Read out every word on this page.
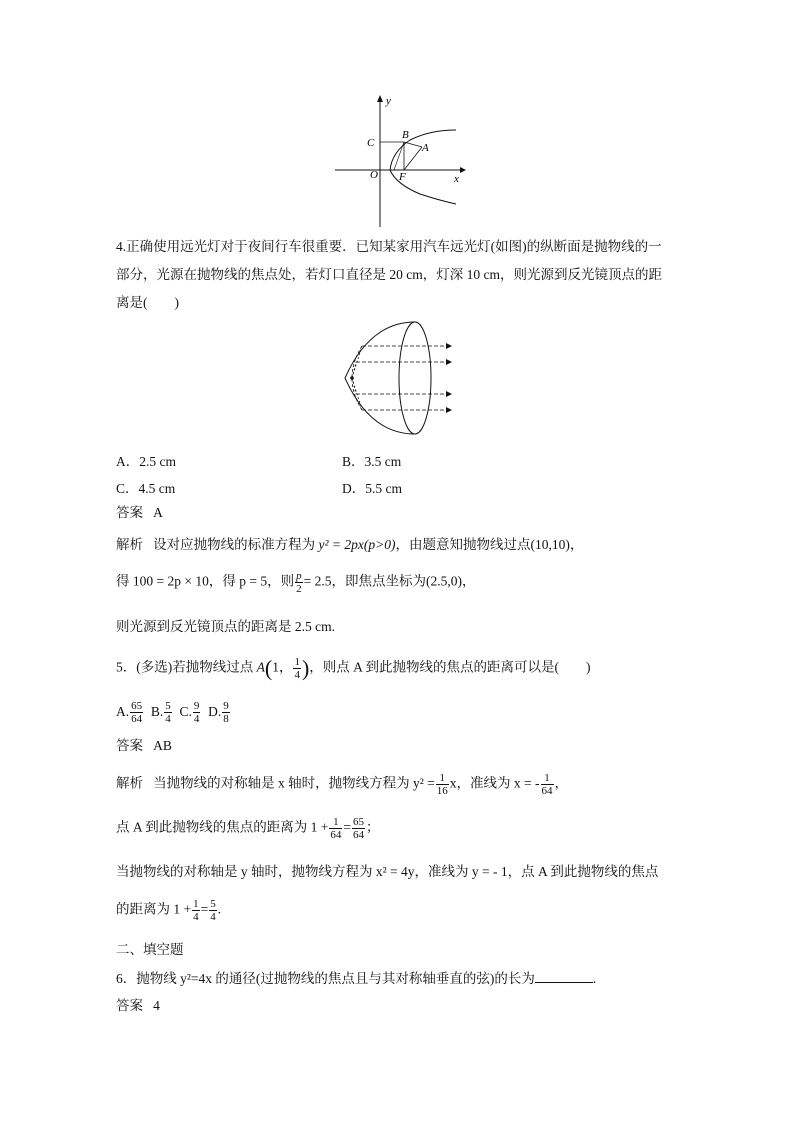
y
x
C
B
A
O F
4.正确使用远光灯对于夜间行车很重要．已知某家用汽车远光灯(如图)的纵断面是抛物线的一
部分，光源在抛物线的焦点处，若灯口直径是 20 cm，灯深 10 cm，则光源到反光镜顶点的距
离是(　　)
A．2.5 cm	B．3.5 cm
C．4.5 cm	D．5.5 cm
答案 A
解析 设对应抛物线的标准方程为 y² = 2px(p>0)，由题意知抛物线过点(10,10)，
得 100 = 2p × 10，得 p = 5，则 $\frac{p}{2} = 2.5$，即焦点坐标为(2.5,0)，
则光源到反光镜顶点的距离是 2.5 cm.
5．(多选)若抛物线过点 A(1， $\frac{1}{4}$ )，则点 A 到此抛物线的焦点的距离可以是(　　)
A. $\frac{65}{64} B$. $\frac{5}{4} C$. $\frac{9}{4} D$. $\frac{9}{8}$
答案 AB
解析 当抛物线的对称轴是 x 轴时，抛物线方程为 $y^2 = \frac{1}{16}$ x，准线为 x = - $\frac{1}{64}$ ，
点 A 到此抛物线的焦点的距离为 $1 + \frac{1}{64} = \frac{65}{64}$ ；
当抛物线的对称轴是 y 轴时，抛物线方程为 x² = 4y，准线为 y = - 1，点 A 到此抛物线的焦点
的距离为 $1 + \frac{1}{4} = \frac{5}{4}$ .
二、填空题
6．抛物线 y²=4x 的通径(过抛物线的焦点且与其对称轴垂直的弦)的长为	.
答案 4
